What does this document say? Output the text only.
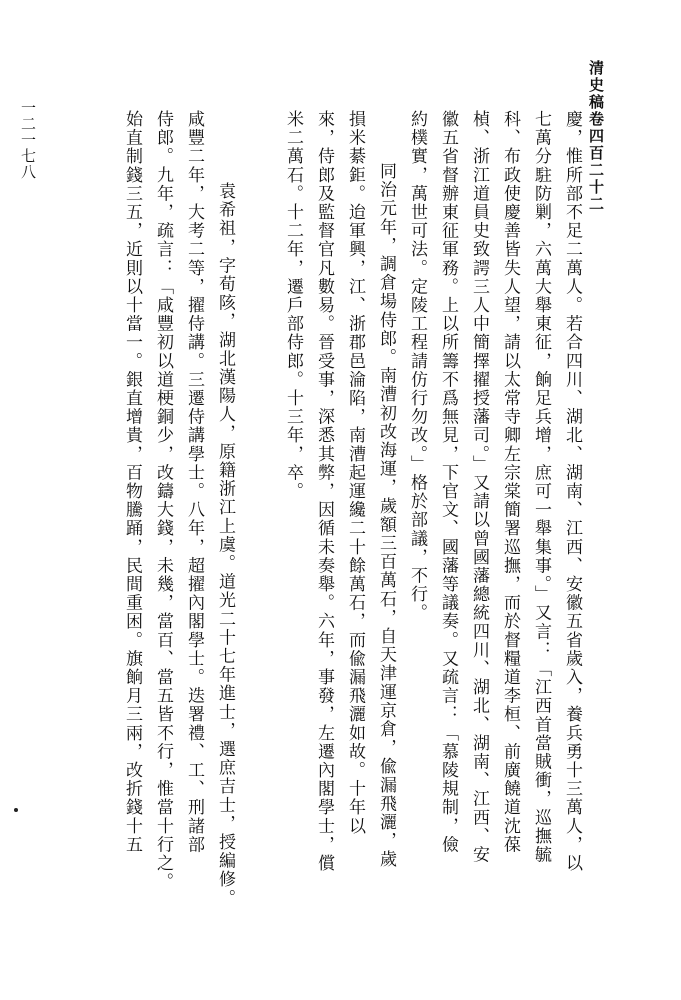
清史稿卷四百二十二
一二一七八	慶，惟所部不足二萬人。若合四川、湖北、湖南、江西、安徽五省歲入，養兵勇十三萬人，以
七萬分駐防剿，六萬大舉東征，餉足兵增，庶可一舉集事。」又言：「江西首當賊衝，巡撫毓
科、布政使慶善皆失人望，請以太常寺卿左宗棠簡署巡撫，而於督糧道李桓、前廣饒道沈葆
楨、浙江道員史致諤三人中簡擇擢授藩司。」又請以曾國藩總統四川、湖北、湖南、江西、安
徽五省督辦東征軍務。上以所籌不爲無見，下官文、國藩等議奏。又疏言：「慕陵規制，儉
約樸實，萬世可法。定陵工程請仿行勿改。」格於部議，不行。
同治元年，調倉場侍郎。南漕初改海運，歲額三百萬石，自天津運京倉，偸漏飛灑，歲
損米綦鉅。迨軍興，江、浙郡邑淪陷，南漕起運纔二十餘萬石，而偸漏飛灑如故。十年以
來，侍郎及監督官凡數易。晉受事，深悉其弊，因循未奏舉。六年，事發，左遷內閣學士，償
米二萬石。十二年，遷戶部侍郎。十三年，卒。
袁希祖，字荀陔，湖北漢陽人，原籍浙江上虞。道光二十七年進士，選庶吉士，授編修。
咸豐二年，大考二等，擢侍講。三遷侍講學士。八年，超擢內閣學士。迭署禮、工、刑諸部
侍郎。九年，疏言：「咸豐初以道梗銅少，改鑄大錢，未幾，當百、當五皆不行，惟當十行之。
始直制錢三五，近則以十當一。銀直增貴，百物騰踊，民間重困。旗餉月三兩，改折錢十五
